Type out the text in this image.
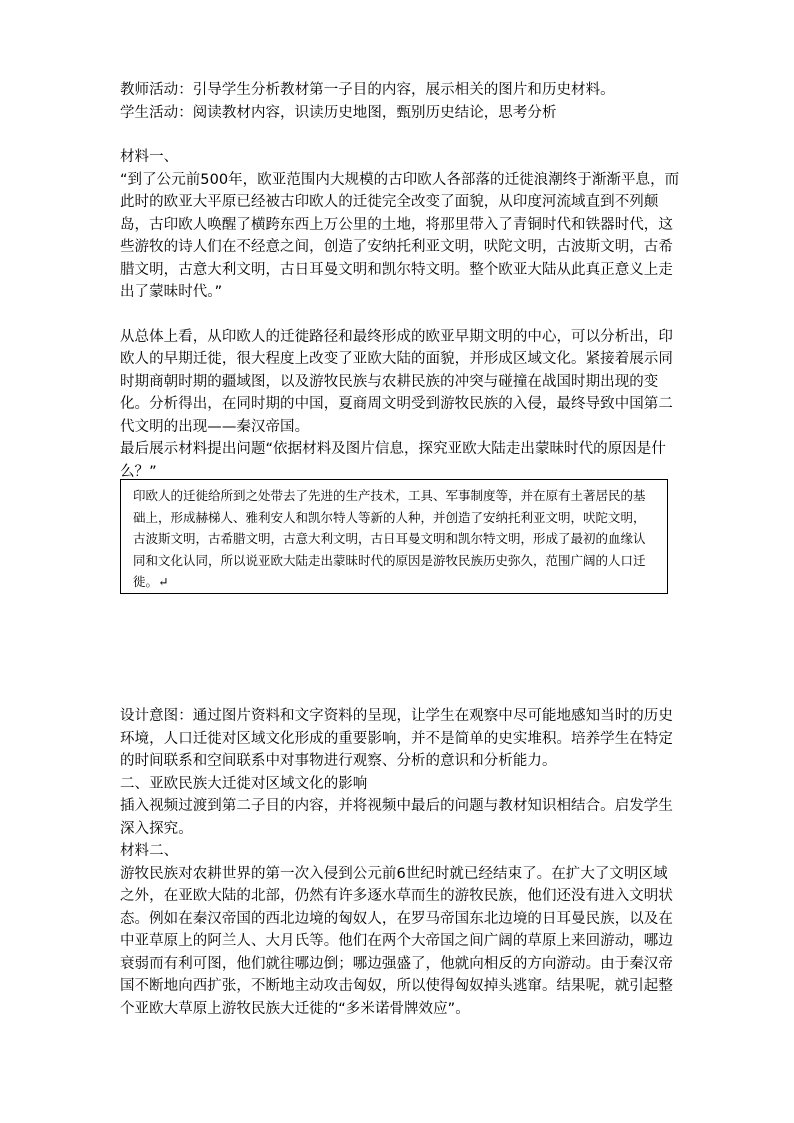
教师活动：引导学生分析教材第一子目的内容，展示相关的图片和历史材料。

学生活动：阅读教材内容，识读历史地图，甄别历史结论，思考分析

材料一、

“到了公元前500年，欧亚范围内大规模的古印欧人各部落的迁徙浪潮终于渐渐平息，而此时的欧亚大平原已经被古印欧人的迁徙完全改变了面貌，从印度河流域直到不列颠岛，古印欧人唤醒了横跨东西上万公里的土地，将那里带入了青铜时代和铁器时代，这些游牧的诗人们在不经意之间，创造了安纳托利亚文明，吠陀文明，古波斯文明，古希腊文明，古意大利文明，古日耳曼文明和凯尔特文明。整个欧亚大陆从此真正意义上走出了蒙昧时代。”

从总体上看，从印欧人的迁徙路径和最终形成的欧亚早期文明的中心，可以分析出，印欧人的早期迁徙，很大程度上改变了亚欧大陆的面貌，并形成区域文化。紧接着展示同时期商朝时期的疆域图，以及游牧民族与农耕民族的冲突与碰撞在战国时期出现的变化。分析得出，在同时期的中国，夏商周文明受到游牧民族的入侵，最终导致中国第二代文明的出现——秦汉帝国。

最后展示材料提出问题“依据材料及图片信息，探究亚欧大陆走出蒙昧时代的原因是什么？”

印欧人的迁徙给所到之处带去了先进的生产技术，工具、军事制度等，并在原有土著居民的基础上，形成赫梯人、雅利安人和凯尔特人等新的人种，并创造了安纳托利亚文明，吠陀文明，古波斯文明，古希腊文明，古意大利文明，古日耳曼文明和凯尔特文明，形成了最初的血缘认同和文化认同，所以说亚欧大陆走出蒙昧时代的原因是游牧民族历史弥久，范围广阔的人口迁徙。↵

设计意图：通过图片资料和文字资料的呈现，让学生在观察中尽可能地感知当时的历史环境，人口迁徙对区域文化形成的重要影响，并不是简单的史实堆积。培养学生在特定的时间联系和空间联系中对事物进行观察、分析的意识和分析能力。

二、亚欧民族大迁徙对区域文化的影响

插入视频过渡到第二子目的内容，并将视频中最后的问题与教材知识相结合。启发学生深入探究。

材料二、

游牧民族对农耕世界的第一次入侵到公元前6世纪时就已经结束了。在扩大了文明区域之外，在亚欧大陆的北部，仍然有许多逐水草而生的游牧民族，他们还没有进入文明状态。例如在秦汉帝国的西北边境的匈奴人，在罗马帝国东北边境的日耳曼民族，以及在中亚草原上的阿兰人、大月氏等。他们在两个大帝国之间广阔的草原上来回游动，哪边衰弱而有利可图，他们就往哪边倒；哪边强盛了，他就向相反的方向游动。由于秦汉帝国不断地向西扩张，不断地主动攻击匈奴，所以使得匈奴掉头逃窜。结果呢，就引起整个亚欧大草原上游牧民族大迁徙的“多米诺骨牌效应”。
